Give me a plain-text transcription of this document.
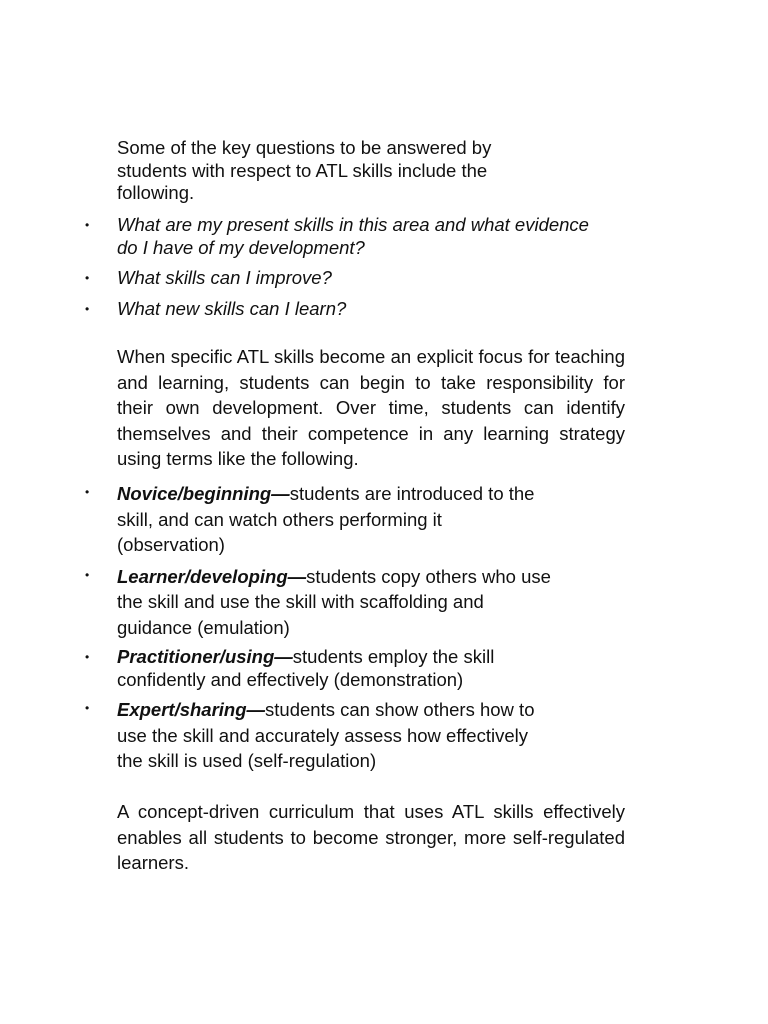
Some of the key questions to be answered by
students with respect to ATL skills include the
following.

• What are my present skills in this area and what evidence
do I have of my development?
• What skills can I improve?
• What new skills can I learn?

When specific ATL skills become an explicit focus for teaching and learning, students can begin to take responsibility for their own development. Over time, students can identify themselves and their competence in any learning strategy using terms like the following.

• Novice/beginning—students are introduced to the
skill, and can watch others performing it
(observation)
• Learner/developing—students copy others who use
the skill and use the skill with scaffolding and
guidance (emulation)
• Practitioner/using—students employ the skill
confidently and effectively (demonstration)
• Expert/sharing—students can show others how to
use the skill and accurately assess how effectively
the skill is used (self-regulation)

A concept-driven curriculum that uses ATL skills effectively enables all students to become stronger, more self-regulated learners.
